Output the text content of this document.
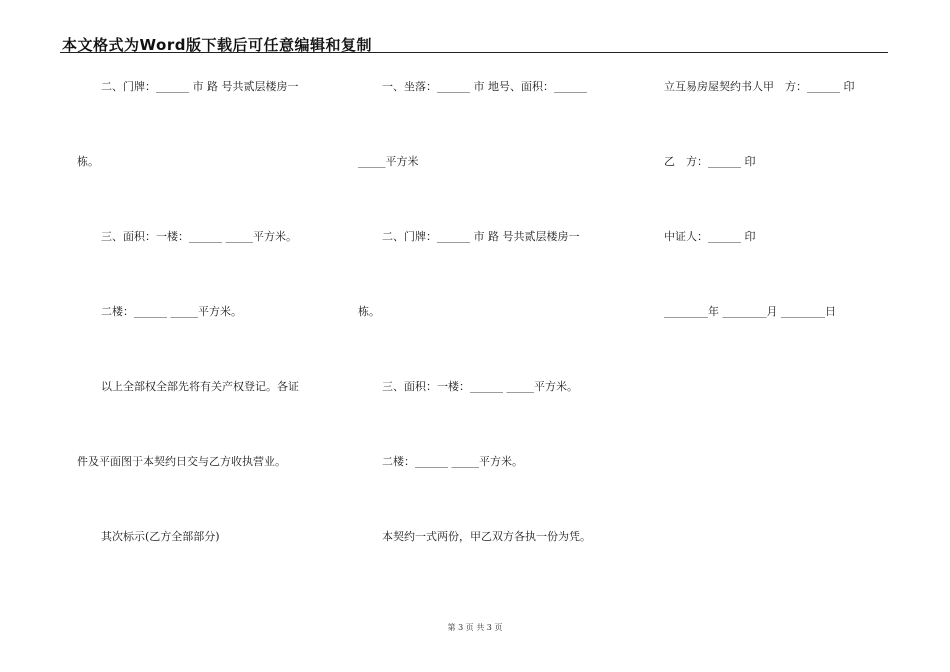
本文格式为Word版下载后可任意编辑和复制
二、门牌：______ 市 路 号共贰层楼房一
栋。
三、面积：一楼：______ _____平方米。
二楼：______ _____平方米。
以上全部权全部先将有关产权登记。各证
件及平面图于本契约日交与乙方收执营业。
其次标示(乙方全部部分)
一、坐落：______ 市 地号、面积：______
_____平方米
二、门牌：______ 市 路 号共贰层楼房一
栋。
三、面积：一楼：______ _____平方米。
二楼：______ _____平方米。
本契约一式两份，甲乙双方各执一份为凭。
立互易房屋契约书人甲　方：______ 印
乙　方：______ 印
中证人：______ 印
________年 ________月 ________日
第 3 页 共 3 页
